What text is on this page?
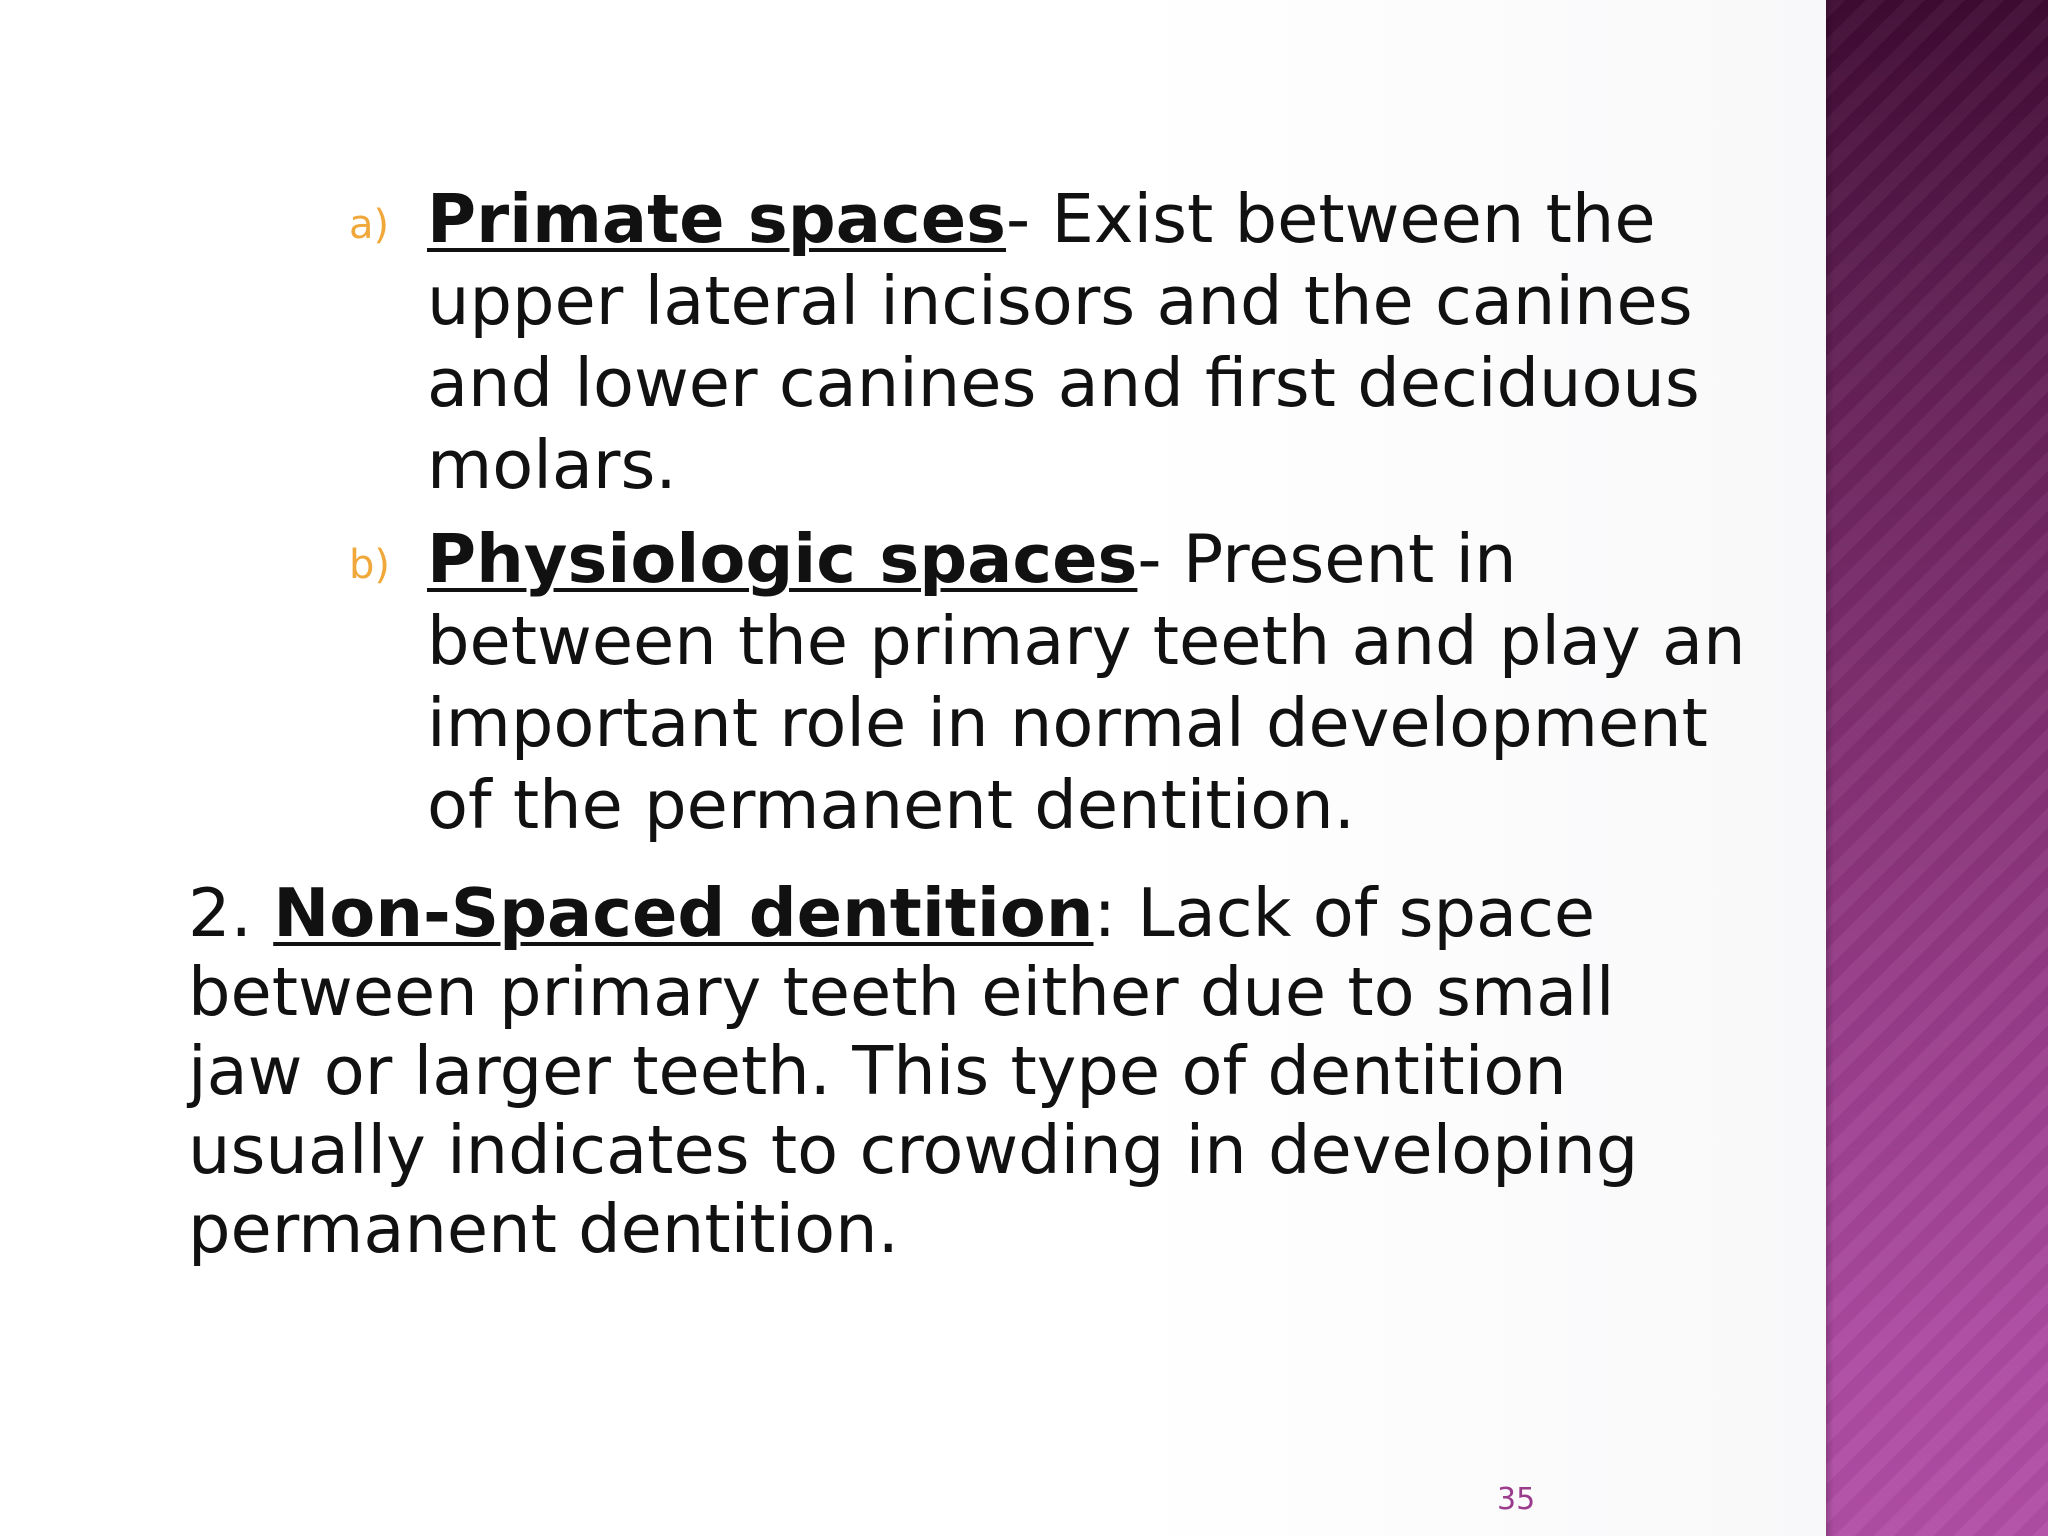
a) Primate spaces- Exist between the upper lateral incisors and the canines and lower canines and first deciduous molars.
b) Physiologic spaces- Present in between the primary teeth and play an important role in normal development of the permanent dentition.

2. Non-Spaced dentition: Lack of space between primary teeth either due to small jaw or larger teeth. This type of dentition usually indicates to crowding in developing permanent dentition.

35
